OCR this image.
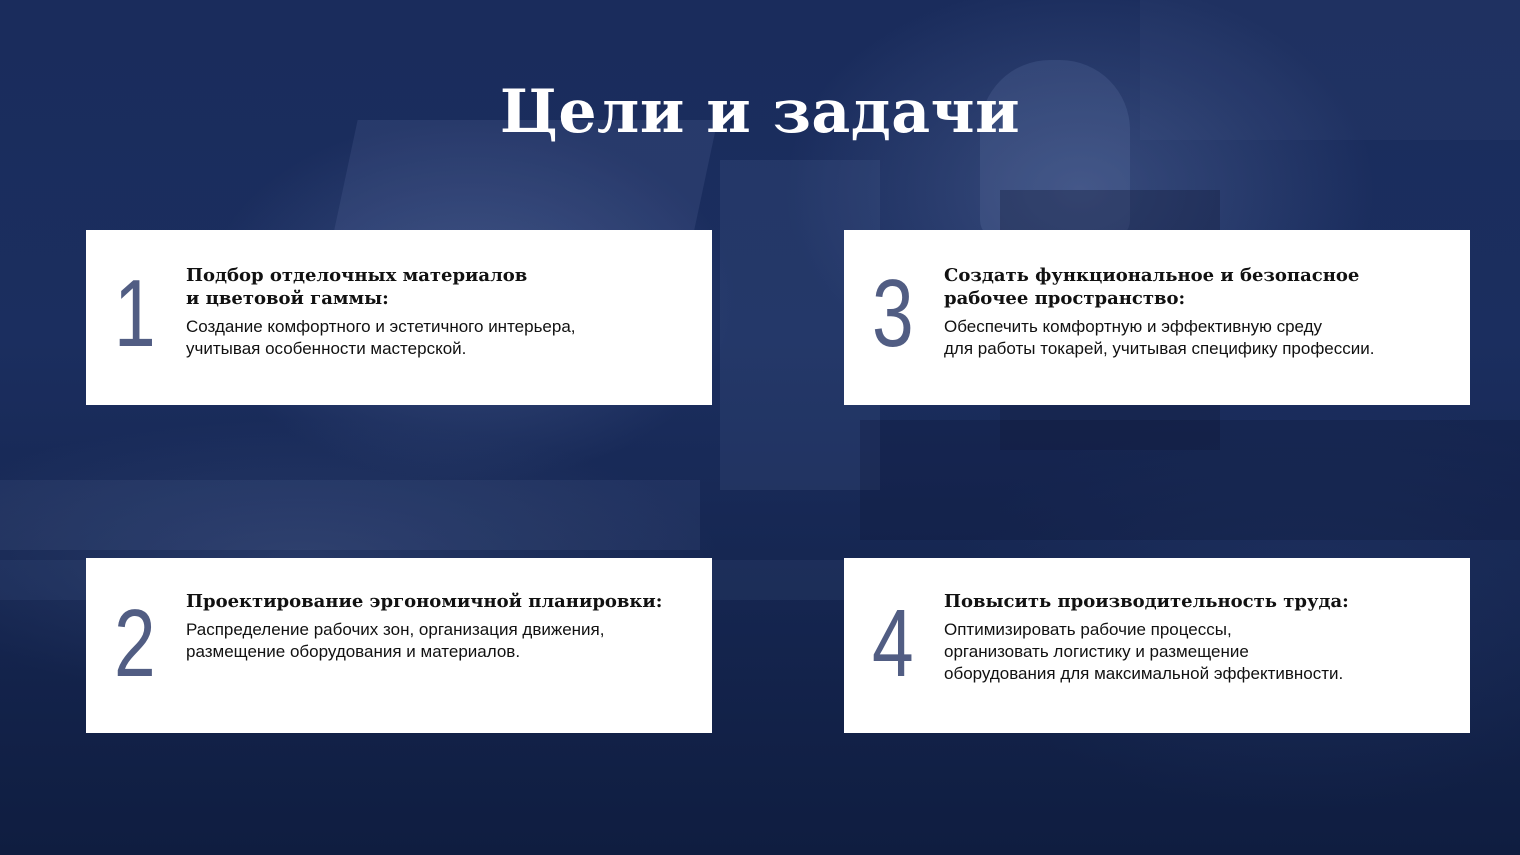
Цели и задачи
1 Подбор отделочных материалов
и цветовой гаммы:

Создание комфортного и эстетичного интерьера,
учитывая особенности мастерской.	3 Создать функциональное и безопасное
рабочее пространство:

Обеспечить комфортную и эффективную среду
для работы токарей, учитывая специфику профессии.

2 Проектирование эргономичной планировки:

Распределение рабочих зон, организация движения,
размещение оборудования и материалов.	4 Повысить производительность труда:

Оптимизировать рабочие процессы,
организовать логистику и размещение
оборудования для максимальной эффективности.
